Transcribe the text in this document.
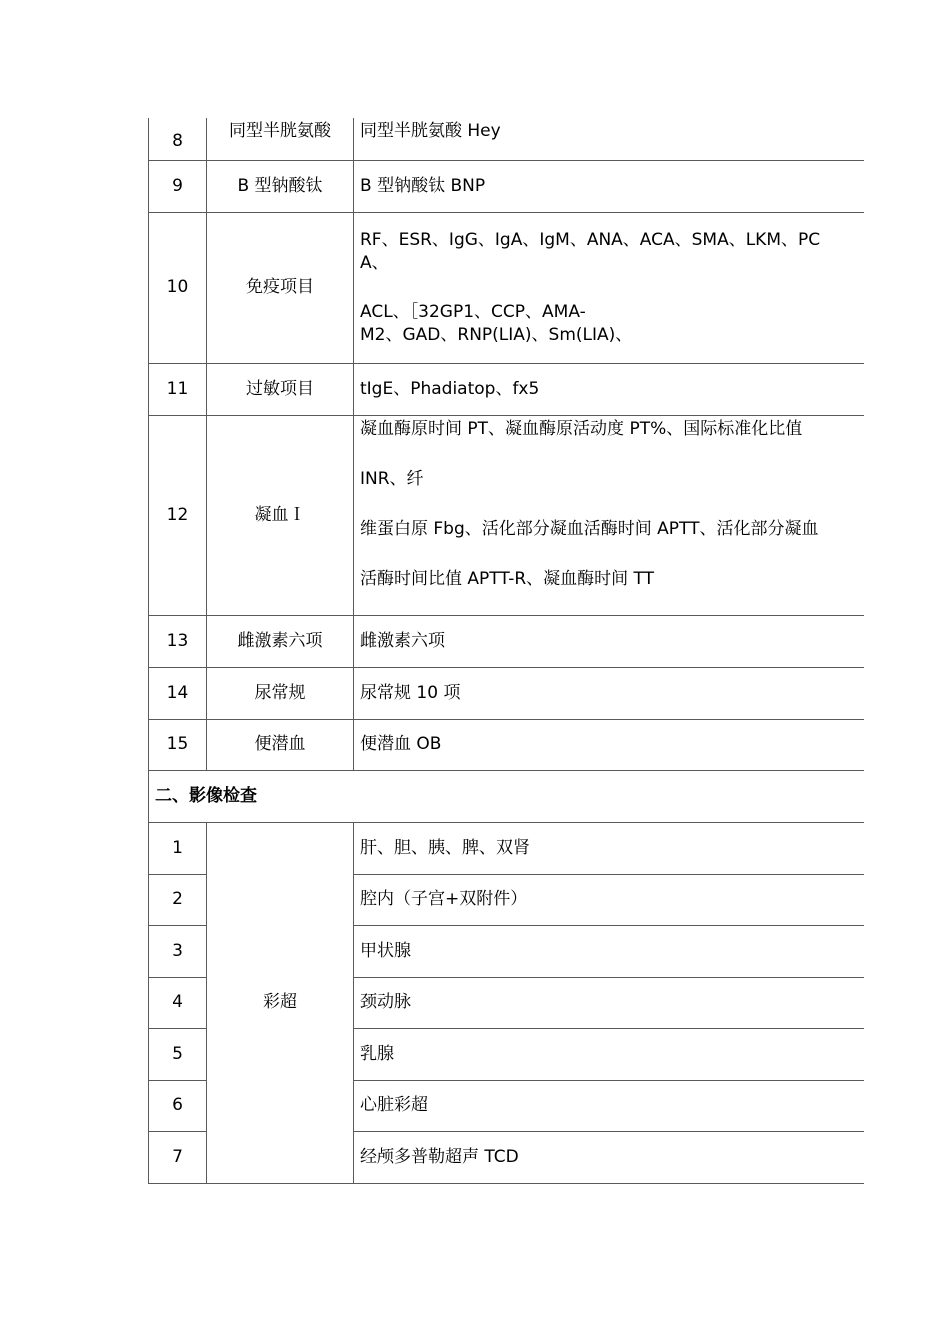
8	同型半胱氨酸	同型半胱氨酸 Hey
9	B 型钠酸钛	B 型钠酸钛 BNP
10	免疫项目	RF、ESR、IgG、IgA、IgM、ANA、ACA、SMA、LKM、PC
A、
ACL、［32GP1、CCP、AMA-
M2、GAD、RNP(LIA)、Sm(LIA)、

11	过敏项目	tIgE、Phadiatop、fx5
12	凝血Ｉ	凝血酶原时间 PT、凝血酶原活动度 PT%、国际标准化比值
INR、纤
维蛋白原 Fbg、活化部分凝血活酶时间 APTT、活化部分凝血
活酶时间比值 APTT-R、凝血酶时间 TT

13	雌激素六项	雌激素六项
14	尿常规	尿常规 10 项
15	便潜血	便潜血 OB
二、影像检查		
1	彩超	肝、胆、胰、脾、双肾
2		腔内（子宫+双附件）
3		甲状腺
4		颈动脉
5		乳腺
6		心脏彩超
7		经颅多普勒超声 TCD
